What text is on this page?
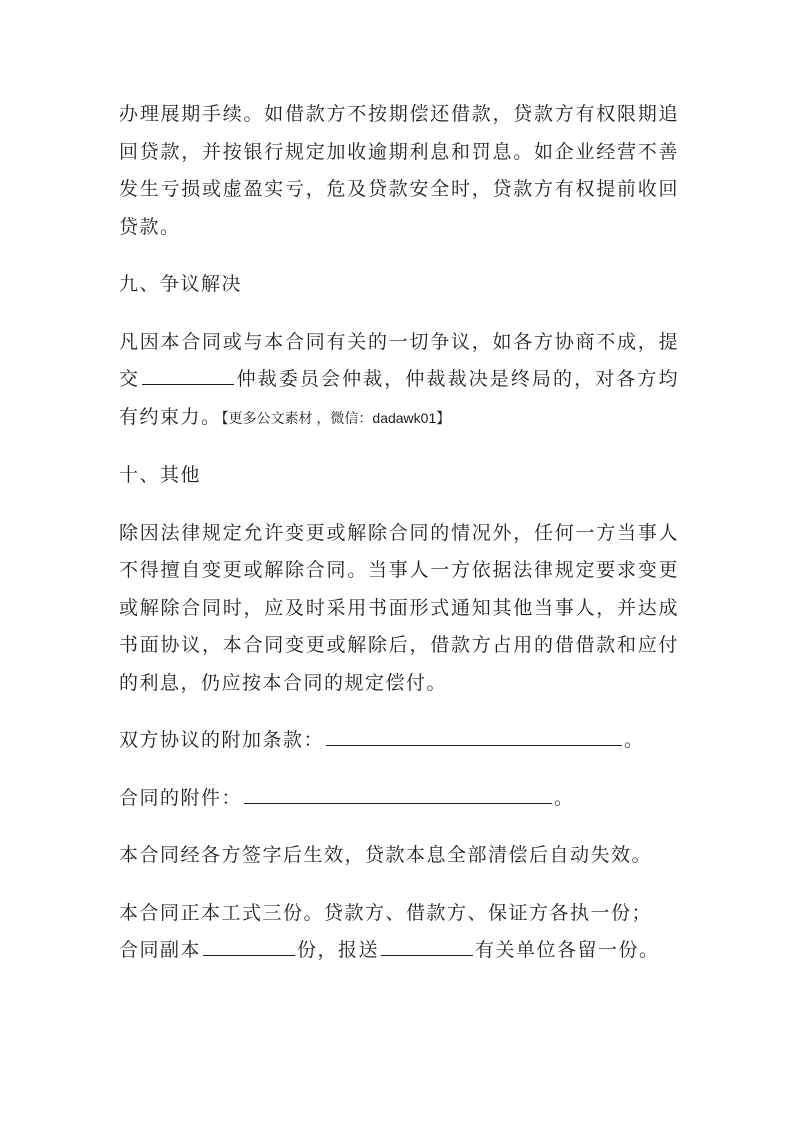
办理展期手续。如借款方不按期偿还借款，贷款方有权限期追回贷款，并按银行规定加收逾期利息和罚息。如企业经营不善发生亏损或虚盈实亏，危及贷款安全时，贷款方有权提前收回贷款。

九、争议解决

凡因本合同或与本合同有关的一切争议，如各方协商不成，提交	仲裁委员会仲裁，仲裁裁决是终局的，对各方均有约束力。【更多公文素材 ，微信：dadawk01】

十、其他

除因法律规定允许变更或解除合同的情况外，任何一方当事人不得擅自变更或解除合同。当事人一方依据法律规定要求变更或解除合同时，应及时采用书面形式通知其他当事人，并达成书面协议，本合同变更或解除后，借款方占用的借借款和应付的利息，仍应按本合同的规定偿付。

双方协议的附加条款：	。

合同的附件：	。

本合同经各方签字后生效，贷款本息全部清偿后自动失效。

本合同正本工式三份。贷款方、借款方、保证方各执一份；
合同副本	份，报送	有关单位各留一份。
